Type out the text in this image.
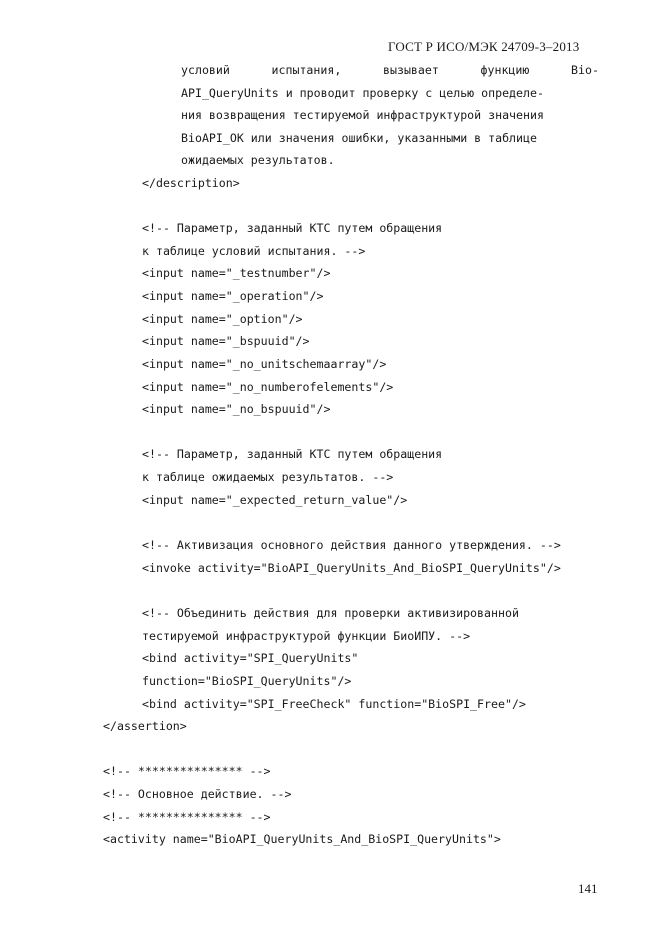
ГОСТ Р ИСО/МЭК 24709-3–2013
условий	испытания,	вызывает	функцию	Bio-
API_QueryUnits и проводит проверку с целью определе-
ния возвращения тестируемой инфраструктурой значения
BioAPI_OK или значения ошибки, указанными в таблице
ожидаемых результатов.
</description>
<!-- Параметр, заданный КТС путем обращения
к таблице условий испытания. -->
<input name="_testnumber"/>
<input name="_operation"/>
<input name="_option"/>
<input name="_bspuuid"/>
<input name="_no_unitschemaarray"/>
<input name="_no_numberofelements"/>
<input name="_no_bspuuid"/>
<!-- Параметр, заданный КТС путем обращения
к таблице ожидаемых результатов. -->
<input name="_expected_return_value"/>
<!-- Активизация основного действия данного утверждения. -->
<invoke activity="BioAPI_QueryUnits_And_BioSPI_QueryUnits"/>
<!-- Объединить действия для проверки активизированной
тестируемой инфраструктурой функции БиоИПУ. -->
<bind activity="SPI_QueryUnits"
function="BioSPI_QueryUnits"/>
<bind activity="SPI_FreeCheck" function="BioSPI_Free"/>
</assertion>
<!-- *************** -->
<!-- Основное действие. -->
<!-- *************** -->
<activity name="BioAPI_QueryUnits_And_BioSPI_QueryUnits">
141
